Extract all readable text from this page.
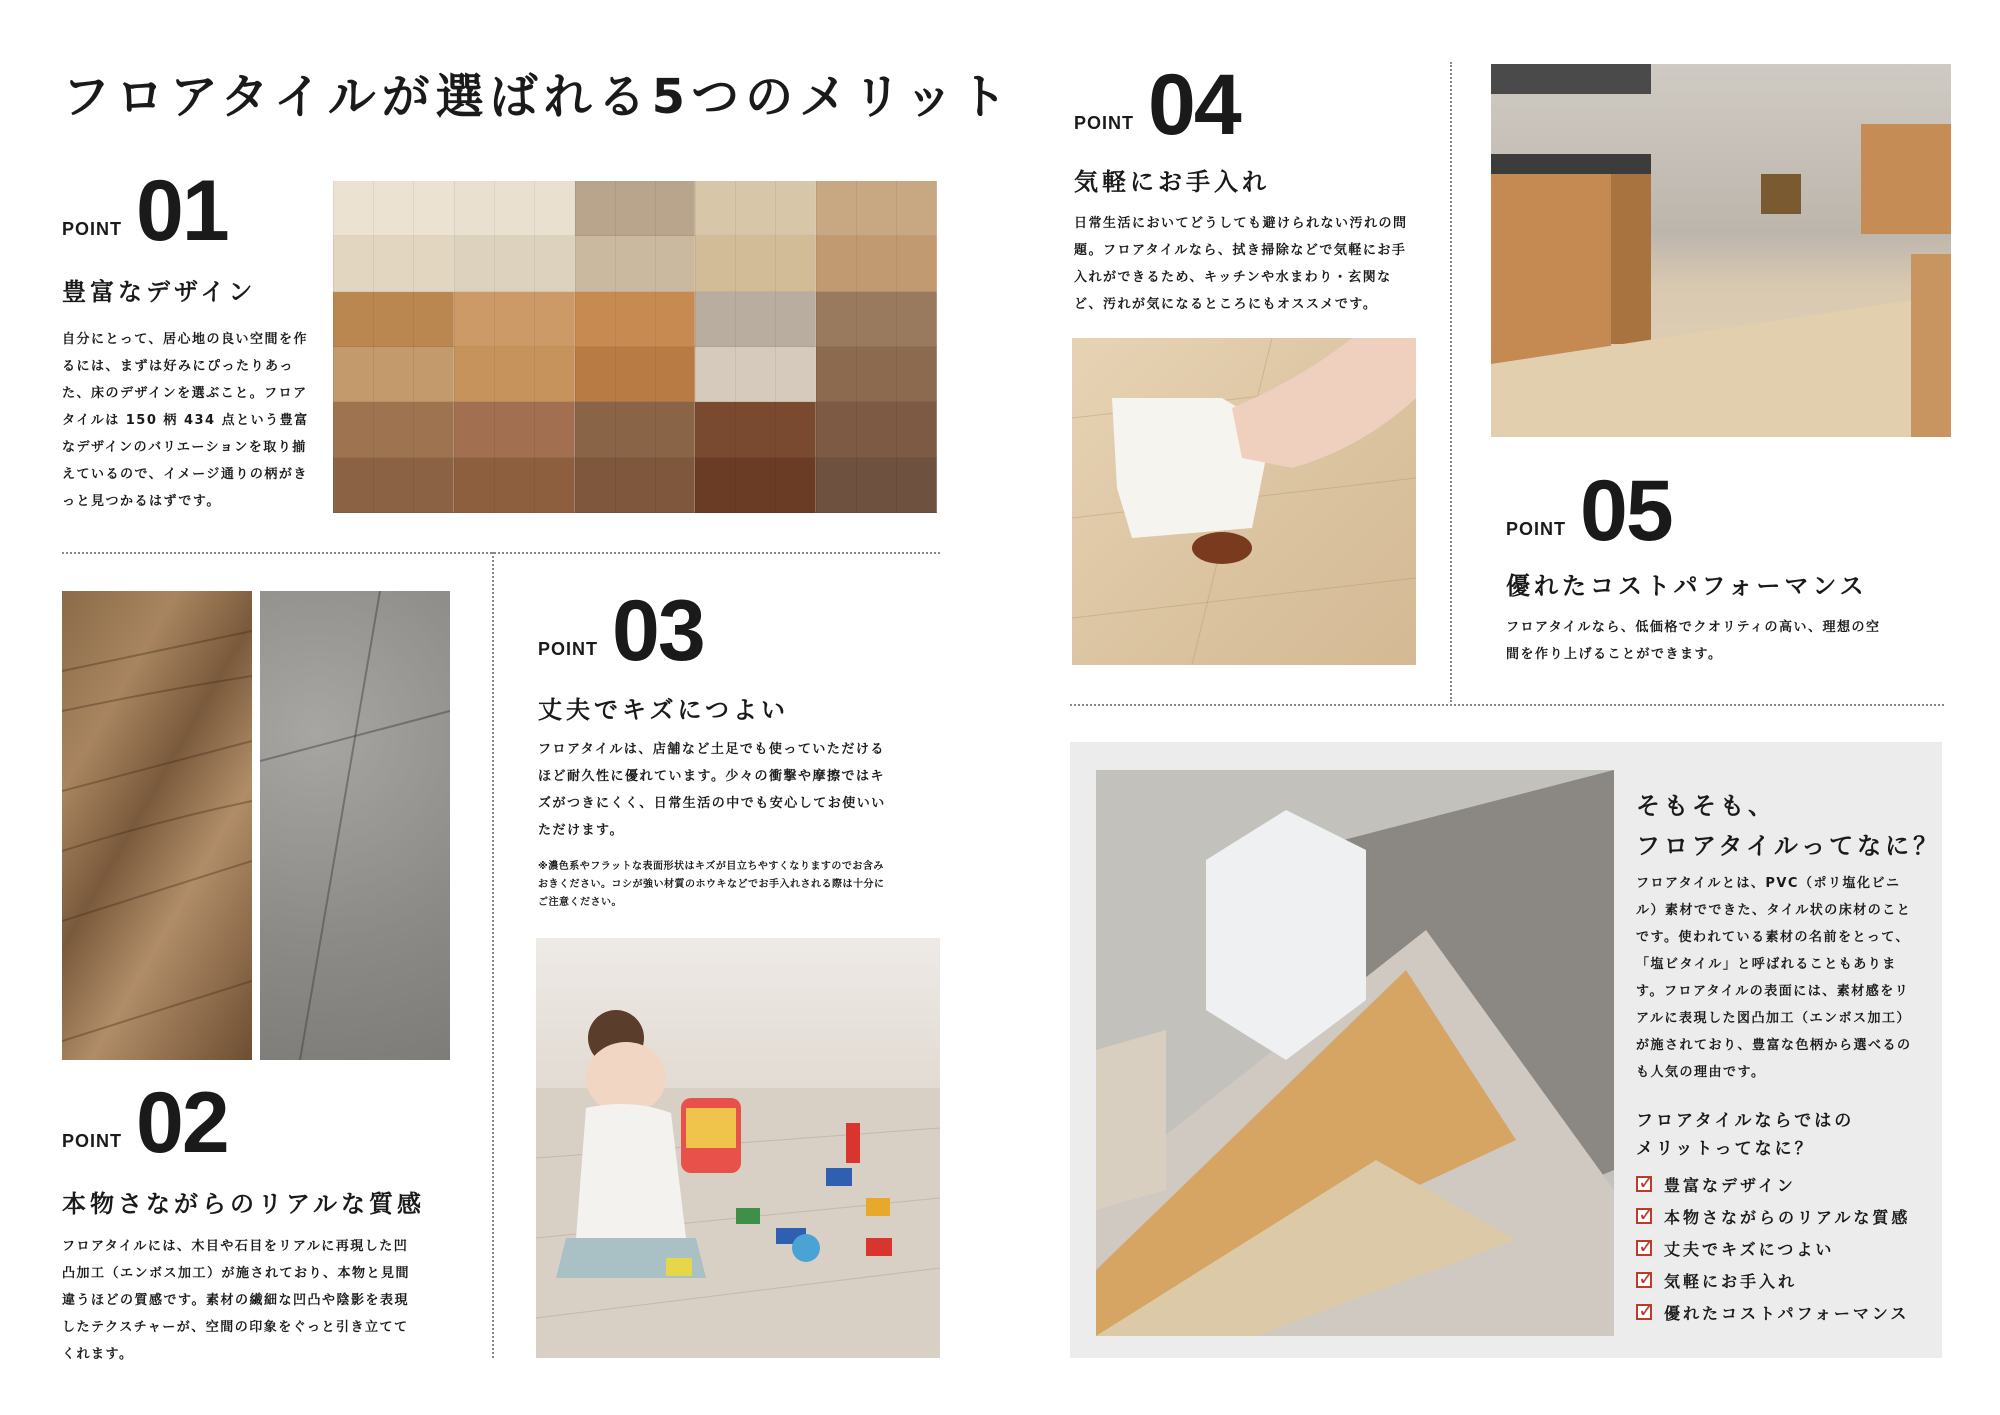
フロアタイルが選ばれる5つのメリット
POINT 01
豊富なデザイン
自分にとって、居心地の良い空間を作るには、まずは好みにぴったりあった、床のデザインを選ぶこと。フロアタイルは 150 柄 434 点という豊富なデザインのバリエーションを取り揃えているので、イメージ通りの柄がきっと見つかるはずです。
POINT 02
本物さながらのリアルな質感
フロアタイルには、木目や石目をリアルに再現した凹凸加工（エンボス加工）が施されており、本物と見間違うほどの質感です。素材の繊細な凹凸や陰影を表現したテクスチャーが、空間の印象をぐっと引き立ててくれます。
POINT 03
丈夫でキズにつよい
フロアタイルは、店舗など土足でも使っていただけるほど耐久性に優れています。少々の衝撃や摩擦ではキズがつきにくく、日常生活の中でも安心してお使いいただけます。
※濃色系やフラットな表面形状はキズが目立ちやすくなりますのでお含みおきください。コシが強い材質のホウキなどでお手入れされる際は十分にご注意ください。
POINT 04
気軽にお手入れ
日常生活においてどうしても避けられない汚れの問題。フロアタイルなら、拭き掃除などで気軽にお手入れができるため、キッチンや水まわり・玄関など、汚れが気になるところにもオススメです。
POINT 05
優れたコストパフォーマンス
フロアタイルなら、低価格でクオリティの高い、理想の空間を作り上げることができます。
そもそも、
フロアタイルってなに？
フロアタイルとは、PVC（ポリ塩化ビニル）素材でできた、タイル状の床材のことです。使われている素材の名前をとって、「塩ビタイル」と呼ばれることもあります。フロアタイルの表面には、素材感をリアルに表現した図凸加工（エンボス加工）が施されており、豊富な色柄から選べるのも人気の理由です。
フロアタイルならではの
メリットってなに？
✓
豊富なデザイン
✓
本物さながらのリアルな質感
✓
丈夫でキズにつよい
✓
気軽にお手入れ
✓
優れたコストパフォーマンス
